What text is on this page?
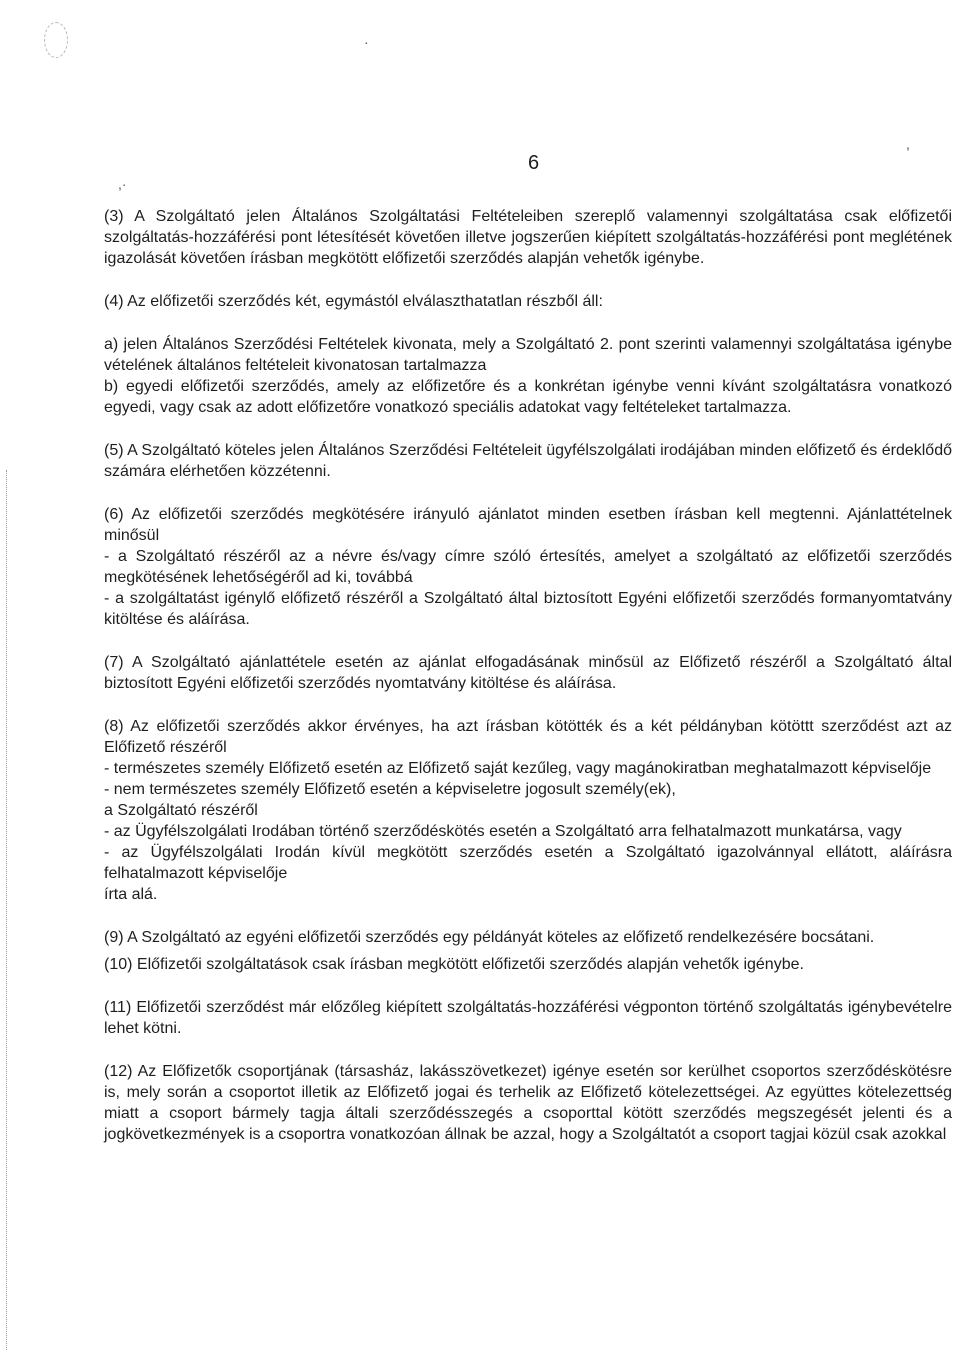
·
,
,·
6

(3) A Szolgáltató jelen Általános Szolgáltatási Feltételeiben szereplő valamennyi szolgáltatása csak előfizetői szolgáltatás-hozzáférési pont létesítését követően illetve jogszerűen kiépített szolgáltatás-hozzáférési pont meglétének igazolását követően írásban megkötött előfizetői szerződés alapján vehetők igénybe.

(4) Az előfizetői szerződés két, egymástól elválaszthatatlan részből áll:

a) jelen Általános Szerződési Feltételek kivonata, mely a Szolgáltató 2. pont szerinti valamennyi szolgáltatása igénybe vételének általános feltételeit kivonatosan tartalmazza

b) egyedi előfizetői szerződés, amely az előfizetőre és a konkrétan igénybe venni kívánt szolgáltatásra vonatkozó egyedi, vagy csak az adott előfizetőre vonatkozó speciális adatokat vagy feltételeket tartalmazza.

(5) A Szolgáltató köteles jelen Általános Szerződési Feltételeit ügyfélszolgálati irodájában minden előfizető és érdeklődő számára elérhetően közzétenni.

(6) Az előfizetői szerződés megkötésére irányuló ajánlatot minden esetben írásban kell megtenni. Ajánlattételnek minősül

- a Szolgáltató részéről az a névre és/vagy címre szóló értesítés, amelyet a szolgáltató az előfizetői szerződés megkötésének lehetőségéről ad ki, továbbá

- a szolgáltatást igénylő előfizető részéről a Szolgáltató által biztosított Egyéni előfizetői szerződés formanyomtatvány kitöltése és aláírása.

(7) A Szolgáltató ajánlattétele esetén az ajánlat elfogadásának minősül az Előfizető részéről a Szolgáltató által biztosított Egyéni előfizetői szerződés nyomtatvány kitöltése és aláírása.

(8) Az előfizetői szerződés akkor érvényes, ha azt írásban kötötték és a két példányban kötöttt szerződést azt az Előfizető részéről

- természetes személy Előfizető esetén az Előfizető saját kezűleg, vagy magánokiratban meghatalmazott képviselője

- nem természetes személy Előfizető esetén a képviseletre jogosult személy(ek),

a Szolgáltató részéről

- az Ügyfélszolgálati Irodában történő szerződéskötés esetén a Szolgáltató arra felhatalmazott munkatársa, vagy

- az Ügyfélszolgálati Irodán kívül megkötött szerződés esetén a Szolgáltató igazolvánnyal ellátott, aláírásra felhatalmazott képviselője

írta alá.

(9) A Szolgáltató az egyéni előfizetői szerződés egy példányát köteles az előfizető rendelkezésére bocsátani.

(10) Előfizetői szolgáltatások csak írásban megkötött előfizetői szerződés alapján vehetők igénybe.

(11) Előfizetői szerződést már előzőleg kiépített szolgáltatás-hozzáférési végponton történő szolgáltatás igénybevételre lehet kötni.

(12) Az Előfizetők csoportjának (társasház, lakásszövetkezet) igénye esetén sor kerülhet csoportos szerződéskötésre is, mely során a csoportot illetik az Előfizető jogai és terhelik az Előfizető kötelezettségei. Az együttes kötelezettség miatt a csoport bármely tagja általi szerződésszegés a csoporttal kötött szerződés megszegését jelenti és a jogkövetkezmények is a csoportra vonatkozóan állnak be azzal, hogy a Szolgáltatót a csoport tagjai közül csak azokkal
